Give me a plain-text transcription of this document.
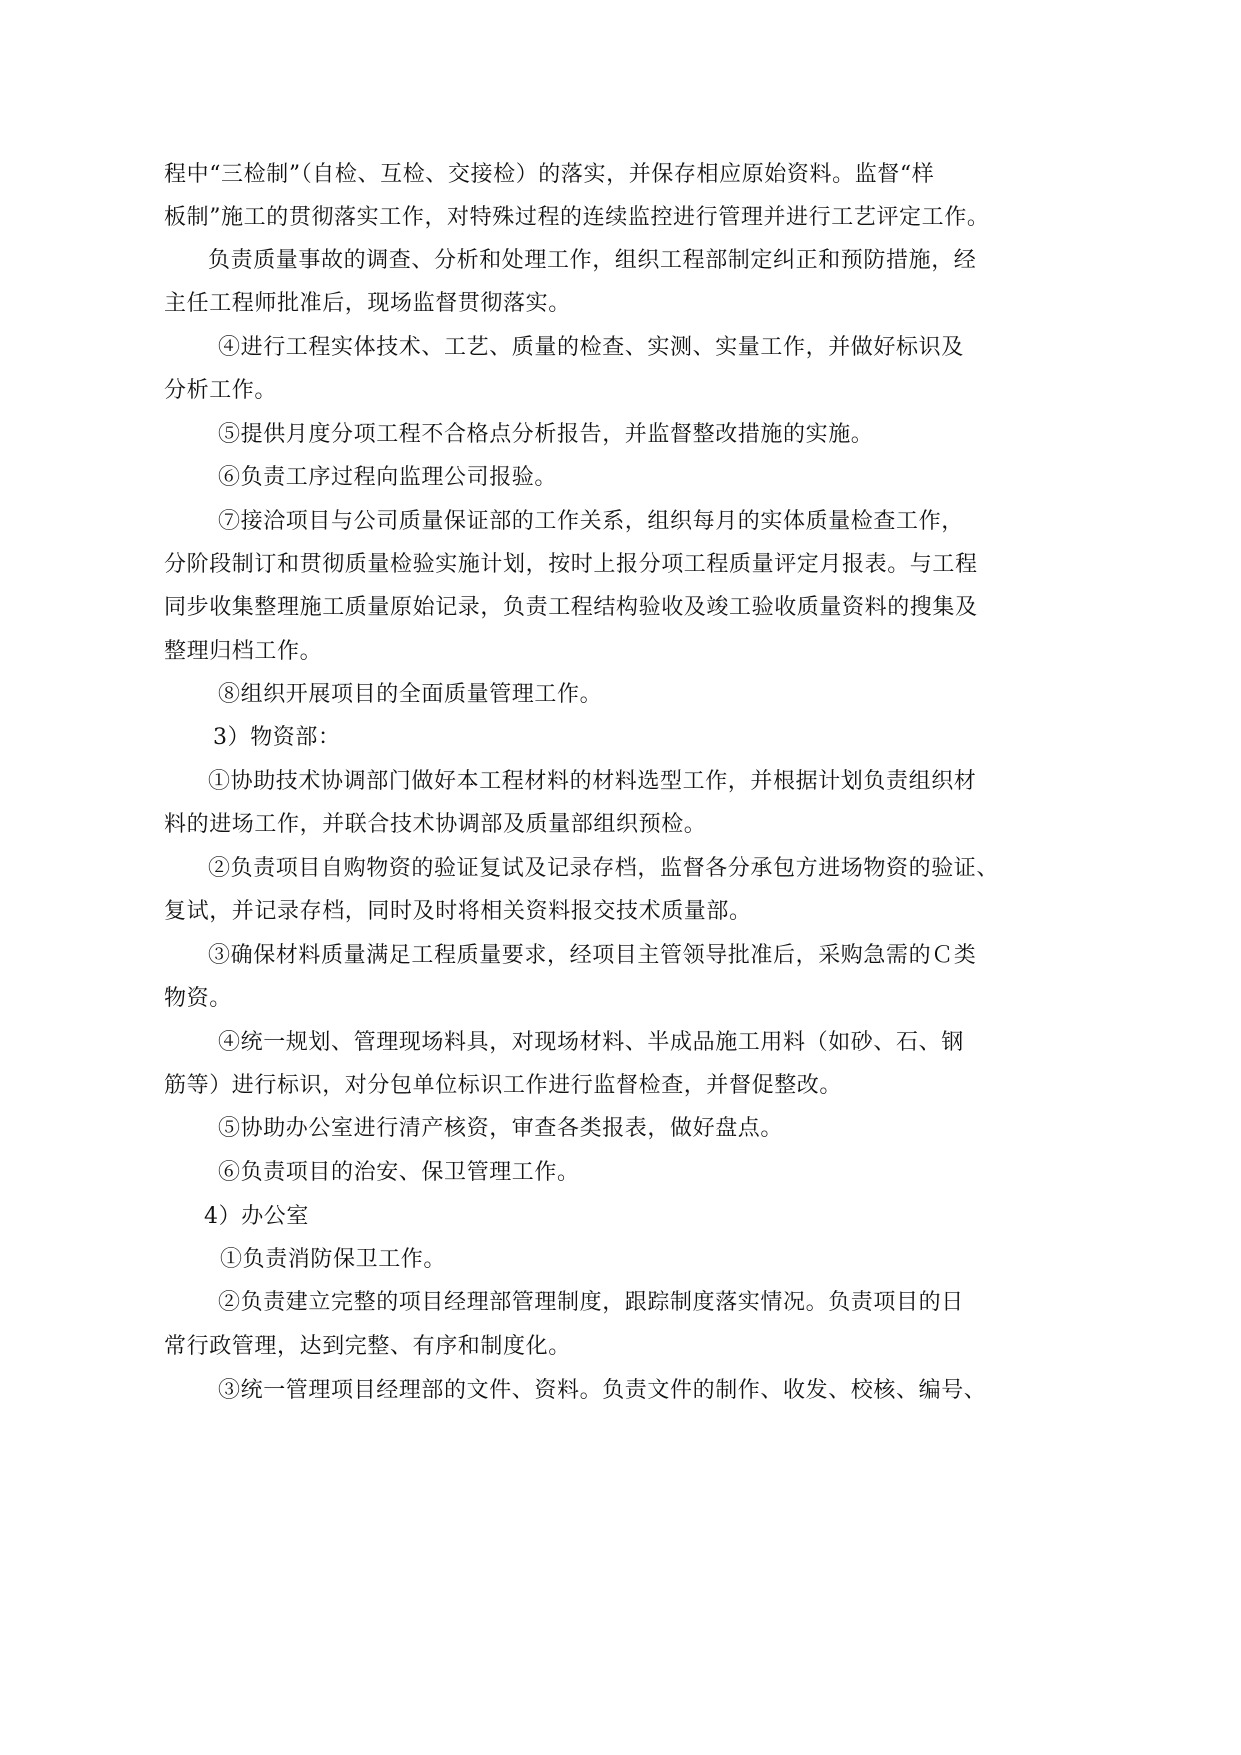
程中“三检制”（自检、互检、交接检）的落实，并保存相应原始资料。监督“样
板制”施工的贯彻落实工作，对特殊过程的连续监控进行管理并进行工艺评定工作。
负责质量事故的调查、分析和处理工作，组织工程部制定纠正和预防措施，经
主任工程师批准后，现场监督贯彻落实。
④进行工程实体技术、工艺、质量的检查、实测、实量工作，并做好标识及
分析工作。
⑤提供月度分项工程不合格点分析报告，并监督整改措施的实施。
⑥负责工序过程向监理公司报验。
⑦接洽项目与公司质量保证部的工作关系，组织每月的实体质量检查工作，
分阶段制订和贯彻质量检验实施计划，按时上报分项工程质量评定月报表。与工程
同步收集整理施工质量原始记录，负责工程结构验收及竣工验收质量资料的搜集及
整理归档工作。
⑧组织开展项目的全面质量管理工作。
3）物资部：
①协助技术协调部门做好本工程材料的材料选型工作，并根据计划负责组织材
料的进场工作，并联合技术协调部及质量部组织预检。
②负责项目自购物资的验证复试及记录存档，监督各分承包方进场物资的验证、
复试，并记录存档，同时及时将相关资料报交技术质量部。
③确保材料质量满足工程质量要求，经项目主管领导批准后，采购急需的Ｃ类
物资。
④统一规划、管理现场料具，对现场材料、半成品施工用料（如砂、石、钢
筋等）进行标识，对分包单位标识工作进行监督检查，并督促整改。
⑤协助办公室进行清产核资，审查各类报表，做好盘点。
⑥负责项目的治安、保卫管理工作。
4）办公室
①负责消防保卫工作。
②负责建立完整的项目经理部管理制度，跟踪制度落实情况。负责项目的日
常行政管理，达到完整、有序和制度化。
③统一管理项目经理部的文件、资料。负责文件的制作、收发、校核、编号、
